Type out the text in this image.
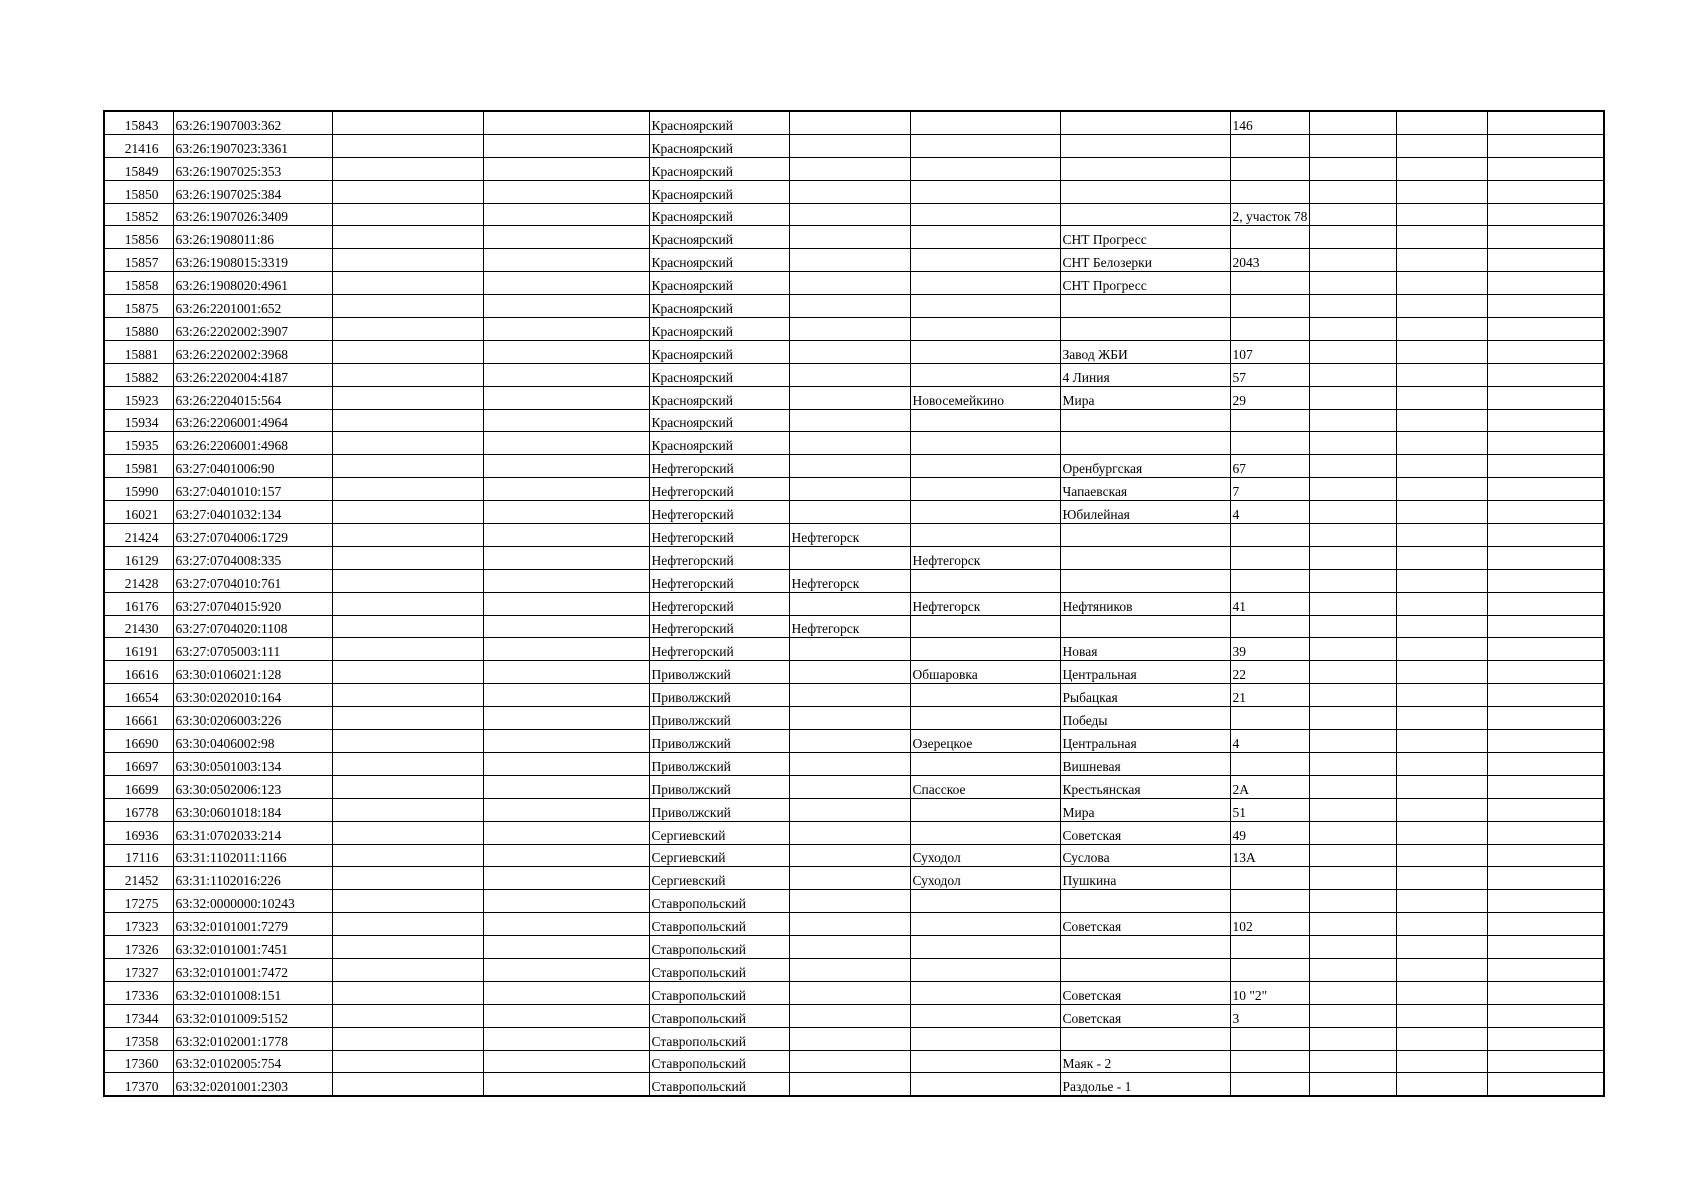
15843	63:26:1907003:362			Красноярский				146			
21416	63:26:1907023:3361			Красноярский							
15849	63:26:1907025:353			Красноярский							
15850	63:26:1907025:384			Красноярский							
15852	63:26:1907026:3409			Красноярский				2, участок 78			
15856	63:26:1908011:86			Красноярский			СНТ Прогресс				
15857	63:26:1908015:3319			Красноярский			СНТ Белозерки	2043			
15858	63:26:1908020:4961			Красноярский			СНТ Прогресс				
15875	63:26:2201001:652			Красноярский							
15880	63:26:2202002:3907			Красноярский							
15881	63:26:2202002:3968			Красноярский			Завод ЖБИ	107			
15882	63:26:2202004:4187			Красноярский			4 Линия	57			
15923	63:26:2204015:564			Красноярский		Новосемейкино	Мира	29			
15934	63:26:2206001:4964			Красноярский							
15935	63:26:2206001:4968			Красноярский							
15981	63:27:0401006:90			Нефтегорский			Оренбургская	67			
15990	63:27:0401010:157			Нефтегорский			Чапаевская	7			
16021	63:27:0401032:134			Нефтегорский			Юбилейная	4			
21424	63:27:0704006:1729			Нефтегорский	Нефтегорск						
16129	63:27:0704008:335			Нефтегорский		Нефтегорск					
21428	63:27:0704010:761			Нефтегорский	Нефтегорск						
16176	63:27:0704015:920			Нефтегорский		Нефтегорск	Нефтяников	41			
21430	63:27:0704020:1108			Нефтегорский	Нефтегорск						
16191	63:27:0705003:111			Нефтегорский			Новая	39			
16616	63:30:0106021:128			Приволжский		Обшаровка	Центральная	22			
16654	63:30:0202010:164			Приволжский			Рыбацкая	21			
16661	63:30:0206003:226			Приволжский			Победы				
16690	63:30:0406002:98			Приволжский		Озерецкое	Центральная	4			
16697	63:30:0501003:134			Приволжский			Вишневая				
16699	63:30:0502006:123			Приволжский		Спасское	Крестьянская	2А			
16778	63:30:0601018:184			Приволжский			Мира	51			
16936	63:31:0702033:214			Сергиевский			Советская	49			
17116	63:31:1102011:1166			Сергиевский		Суходол	Суслова	13А			
21452	63:31:1102016:226			Сергиевский		Суходол	Пушкина				
17275	63:32:0000000:10243			Ставропольский							
17323	63:32:0101001:7279			Ставропольский			Советская	102			
17326	63:32:0101001:7451			Ставропольский							
17327	63:32:0101001:7472			Ставропольский							
17336	63:32:0101008:151			Ставропольский			Советская	10 "2"			
17344	63:32:0101009:5152			Ставропольский			Советская	3			
17358	63:32:0102001:1778			Ставропольский							
17360	63:32:0102005:754			Ставропольский			Маяк - 2				
17370	63:32:0201001:2303			Ставропольский			Раздолье - 1				
